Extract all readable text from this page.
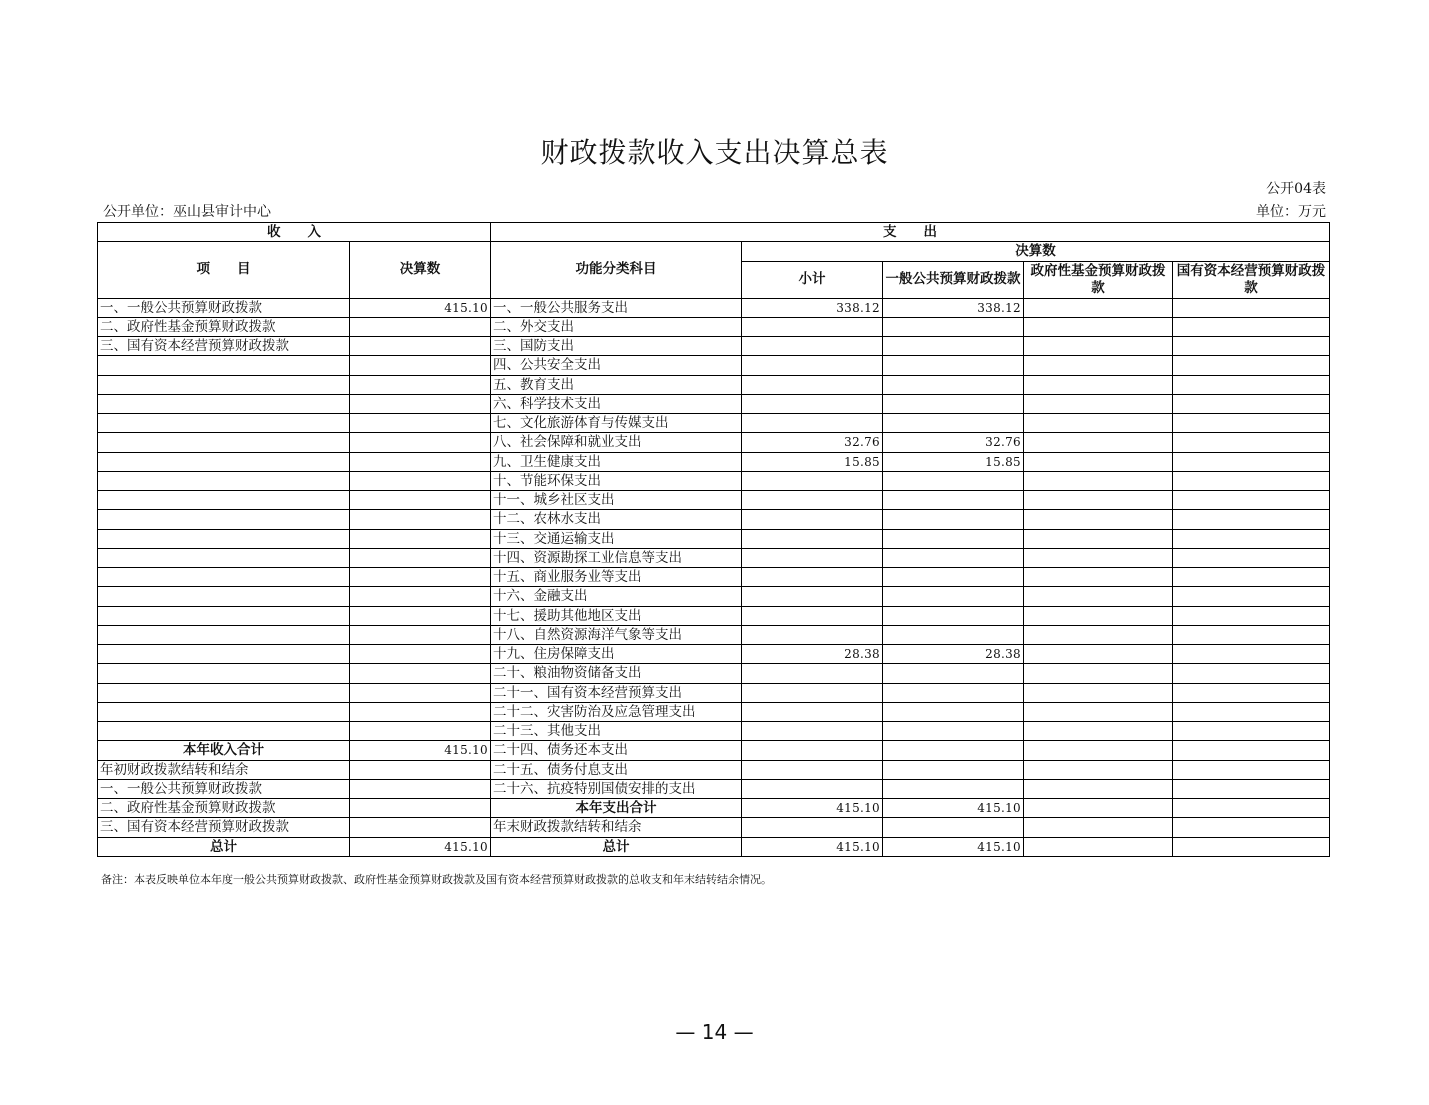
财政拨款收入支出决算总表
公开04表
公开单位：巫山县审计中心	单位：万元
收　　入		支　　出				
项　　目	决算数	功能分类科目	决算数			
			小计	一般公共预算财政拨款	政府性基金预算财政拨款	国有资本经营预算财政拨款
一、一般公共预算财政拨款	415.10	一、一般公共服务支出	338.12	338.12		
二、政府性基金预算财政拨款		二、外交支出				
三、国有资本经营预算财政拨款		三、国防支出				
		四、公共安全支出				
		五、教育支出				
		六、科学技术支出				
		七、文化旅游体育与传媒支出				
		八、社会保障和就业支出	32.76	32.76		
		九、卫生健康支出	15.85	15.85		
		十、节能环保支出				
		十一、城乡社区支出				
		十二、农林水支出				
		十三、交通运输支出				
		十四、资源勘探工业信息等支出				
		十五、商业服务业等支出				
		十六、金融支出				
		十七、援助其他地区支出				
		十八、自然资源海洋气象等支出				
		十九、住房保障支出	28.38	28.38		
		二十、粮油物资储备支出				
		二十一、国有资本经营预算支出				
		二十二、灾害防治及应急管理支出				
		二十三、其他支出				
本年收入合计	415.10	二十四、债务还本支出				
年初财政拨款结转和结余		二十五、债务付息支出				
一、一般公共预算财政拨款		二十六、抗疫特别国债安排的支出				
二、政府性基金预算财政拨款		本年支出合计	415.10	415.10		
三、国有资本经营预算财政拨款		年末财政拨款结转和结余				
总计	415.10	总计	415.10	415.10		
备注：本表反映单位本年度一般公共预算财政拨款、政府性基金预算财政拨款及国有资本经营预算财政拨款的总收支和年末结转结余情况。
— 14 —
